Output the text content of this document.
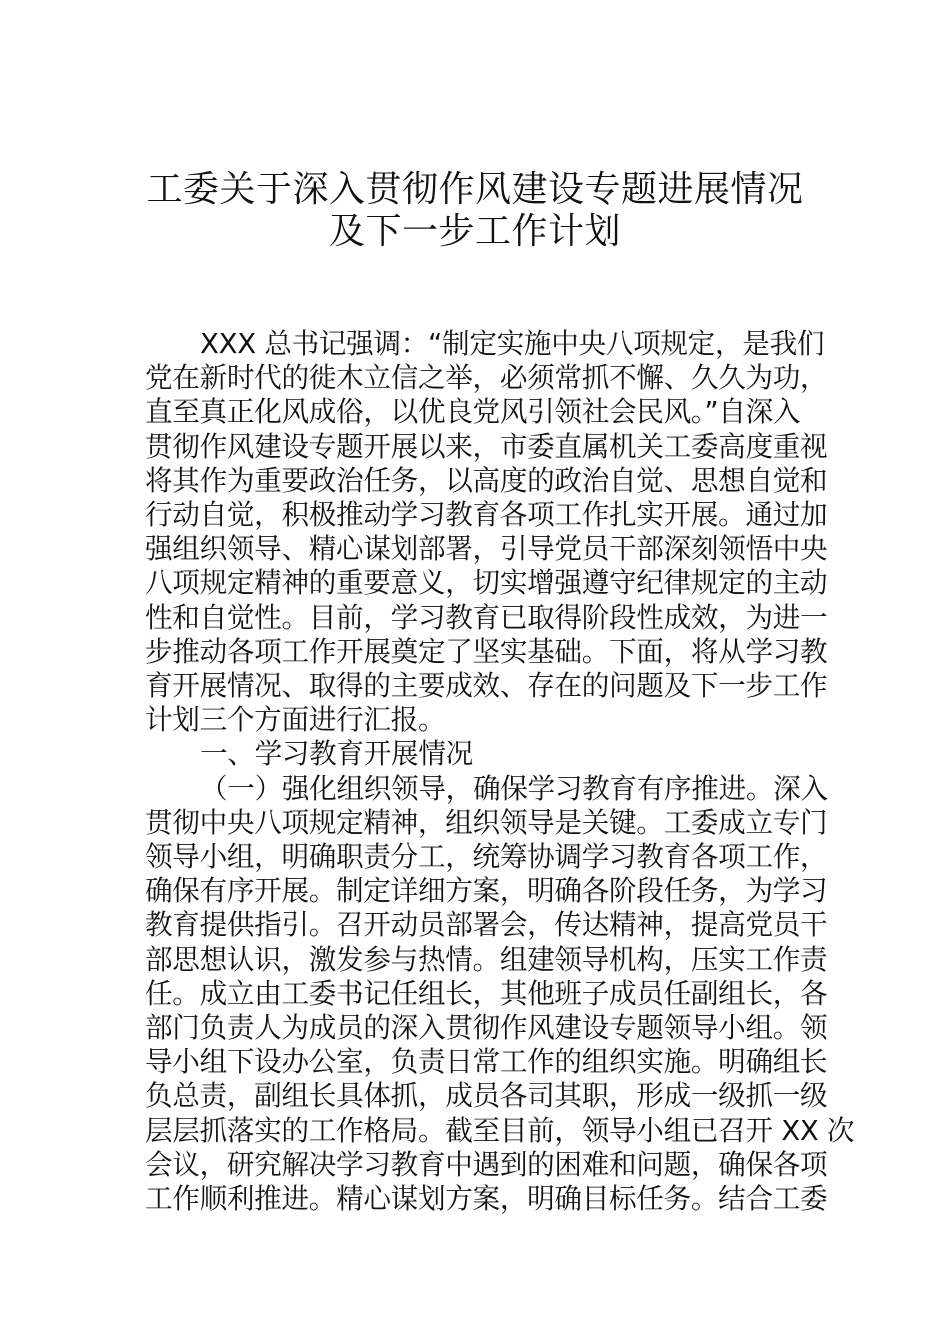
工委关于深入贯彻作风建设专题进展情况
及下一步工作计划
XXX 总书记强调：“制定实施中央八项规定，是我们
党在新时代的徙木立信之举，必须常抓不懈、久久为功，
直至真正化风成俗，以优良党风引领社会民风。”自深入
贯彻作风建设专题开展以来，市委直属机关工委高度重视
将其作为重要政治任务，以高度的政治自觉、思想自觉和
行动自觉，积极推动学习教育各项工作扎实开展。通过加
强组织领导、精心谋划部署，引导党员干部深刻领悟中央
八项规定精神的重要意义，切实增强遵守纪律规定的主动
性和自觉性。目前，学习教育已取得阶段性成效，为进一
步推动各项工作开展奠定了坚实基础。下面，将从学习教
育开展情况、取得的主要成效、存在的问题及下一步工作
计划三个方面进行汇报。
一、学习教育开展情况
（一）强化组织领导，确保学习教育有序推进。深入
贯彻中央八项规定精神，组织领导是关键。工委成立专门
领导小组，明确职责分工，统筹协调学习教育各项工作，
确保有序开展。制定详细方案，明确各阶段任务，为学习
教育提供指引。召开动员部署会，传达精神，提高党员干
部思想认识，激发参与热情。组建领导机构，压实工作责
任。成立由工委书记任组长，其他班子成员任副组长，各
部门负责人为成员的深入贯彻作风建设专题领导小组。领
导小组下设办公室，负责日常工作的组织实施。明确组长
负总责，副组长具体抓，成员各司其职，形成一级抓一级
层层抓落实的工作格局。截至目前，领导小组已召开 XX 次
会议，研究解决学习教育中遇到的困难和问题，确保各项
工作顺利推进。精心谋划方案，明确目标任务。结合工委
